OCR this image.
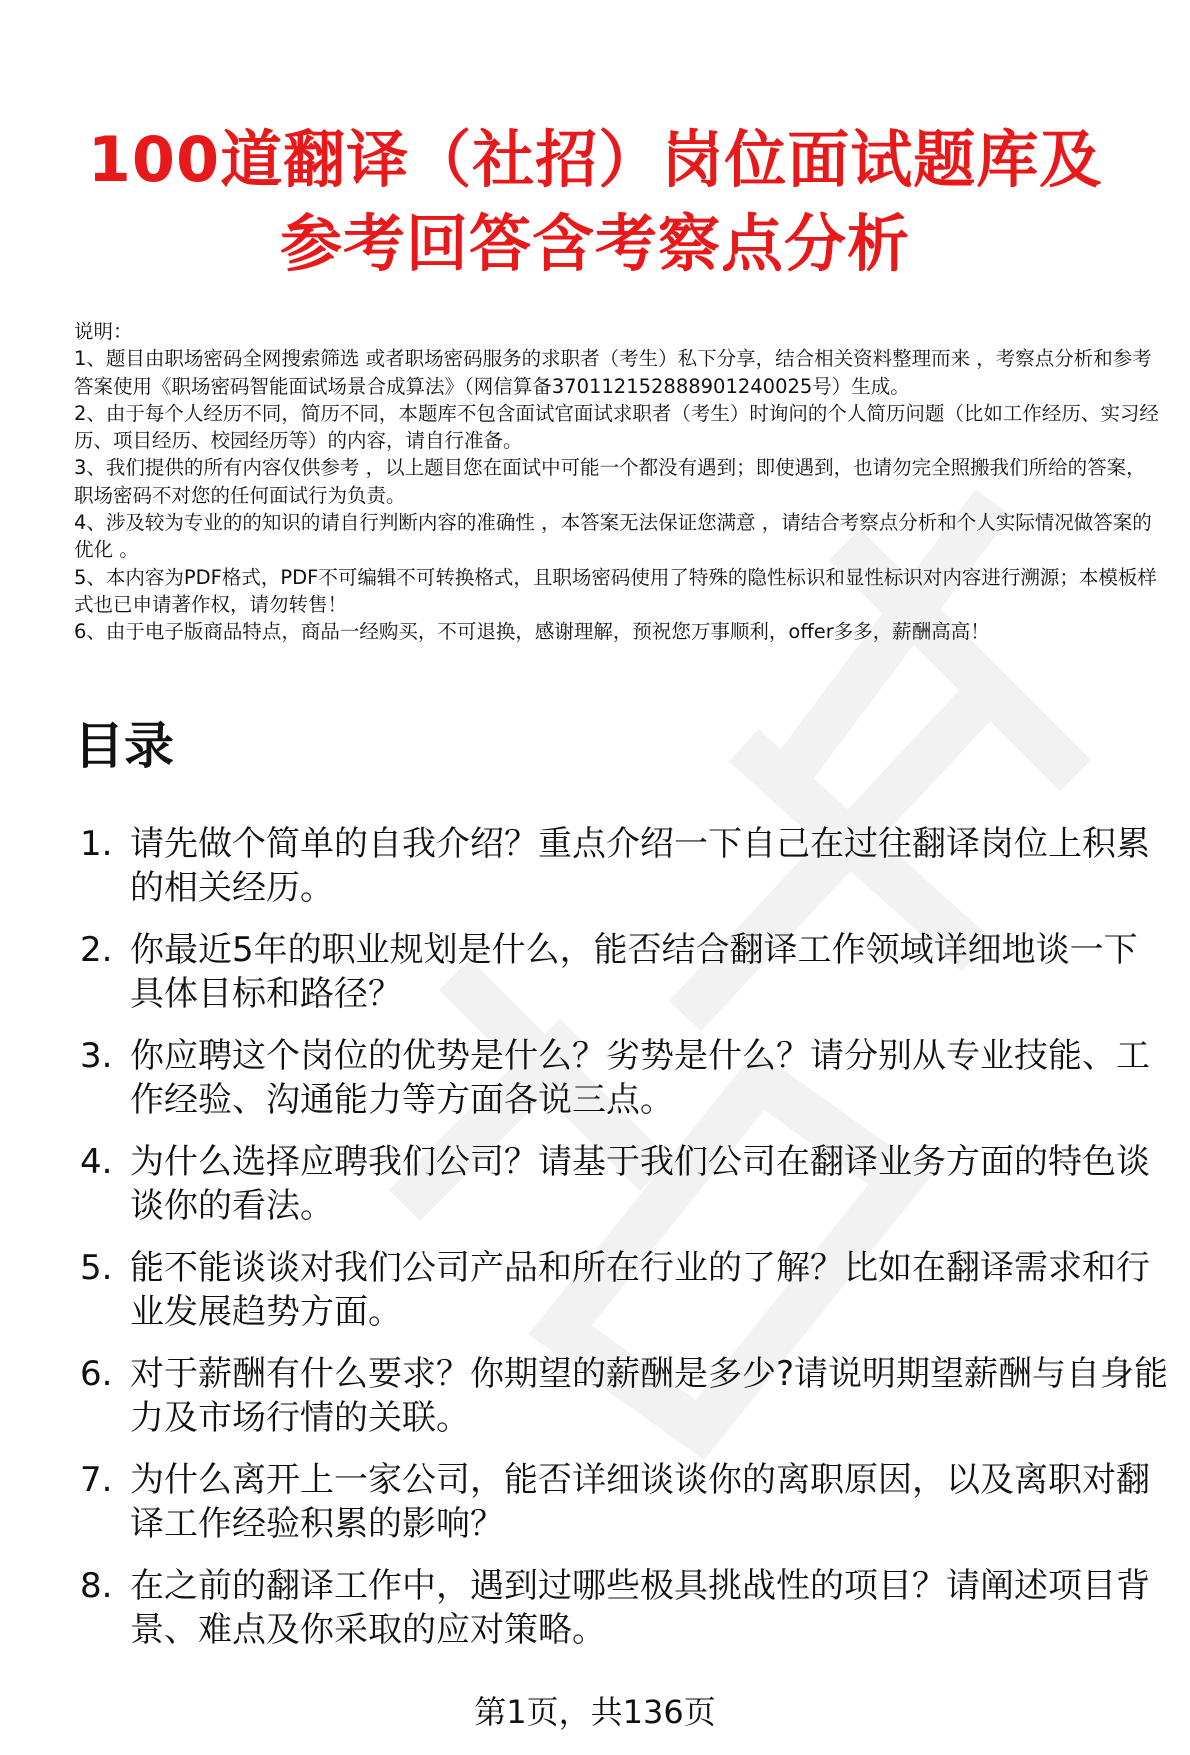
100道翻译（社招）岗位面试题库及
参考回答含考察点分析

说明：

1、题目由职场密码全网搜索筛选 或者职场密码服务的求职者（考生）私下分享，结合相关资料整理而来 ，考察点分析和参考答案使用《职场密码智能面试场景合成算法》（网信算备370112152888901240025号）生成。

2、由于每个人经历不同，简历不同，本题库不包含面试官面试求职者（考生）时询问的个人简历问题（比如工作经历、实习经历、项目经历、校园经历等）的内容，请自行准备。

3、我们提供的所有内容仅供参考 ，以上题目您在面试中可能一个都没有遇到；即使遇到，也请勿完全照搬我们所给的答案，职场密码不对您的任何面试行为负责。

4、涉及较为专业的的知识的请自行判断内容的准确性 ，本答案无法保证您满意 ，请结合考察点分析和个人实际情况做答案的优化 。

5、本内容为PDF格式，PDF不可编辑不可转换格式，且职场密码使用了特殊的隐性标识和显性标识对内容进行溯源；本模板样式也已申请著作权，请勿转售！

6、由于电子版商品特点，商品一经购买，不可退换，感谢理解，预祝您万事顺利，offer多多，薪酬高高！

目录
1. 请先做个简单的自我介绍？重点介绍一下自己在过往翻译岗位上积累的相关经历。
2. 你最近5年的职业规划是什么，能否结合翻译工作领域详细地谈一下具体目标和路径？
3. 你应聘这个岗位的优势是什么？劣势是什么？请分别从专业技能、工作经验、沟通能力等方面各说三点。
4. 为什么选择应聘我们公司？请基于我们公司在翻译业务方面的特色谈谈你的看法。
5. 能不能谈谈对我们公司产品和所在行业的了解？比如在翻译需求和行业发展趋势方面。
6. 对于薪酬有什么要求？你期望的薪酬是多少?请说明期望薪酬与自身能力及市场行情的关联。
7. 为什么离开上一家公司，能否详细谈谈你的离职原因，以及离职对翻译工作经验积累的影响？
8. 在之前的翻译工作中，遇到过哪些极具挑战性的项目？请阐述项目背景、难点及你采取的应对策略。
第1页，共136页
